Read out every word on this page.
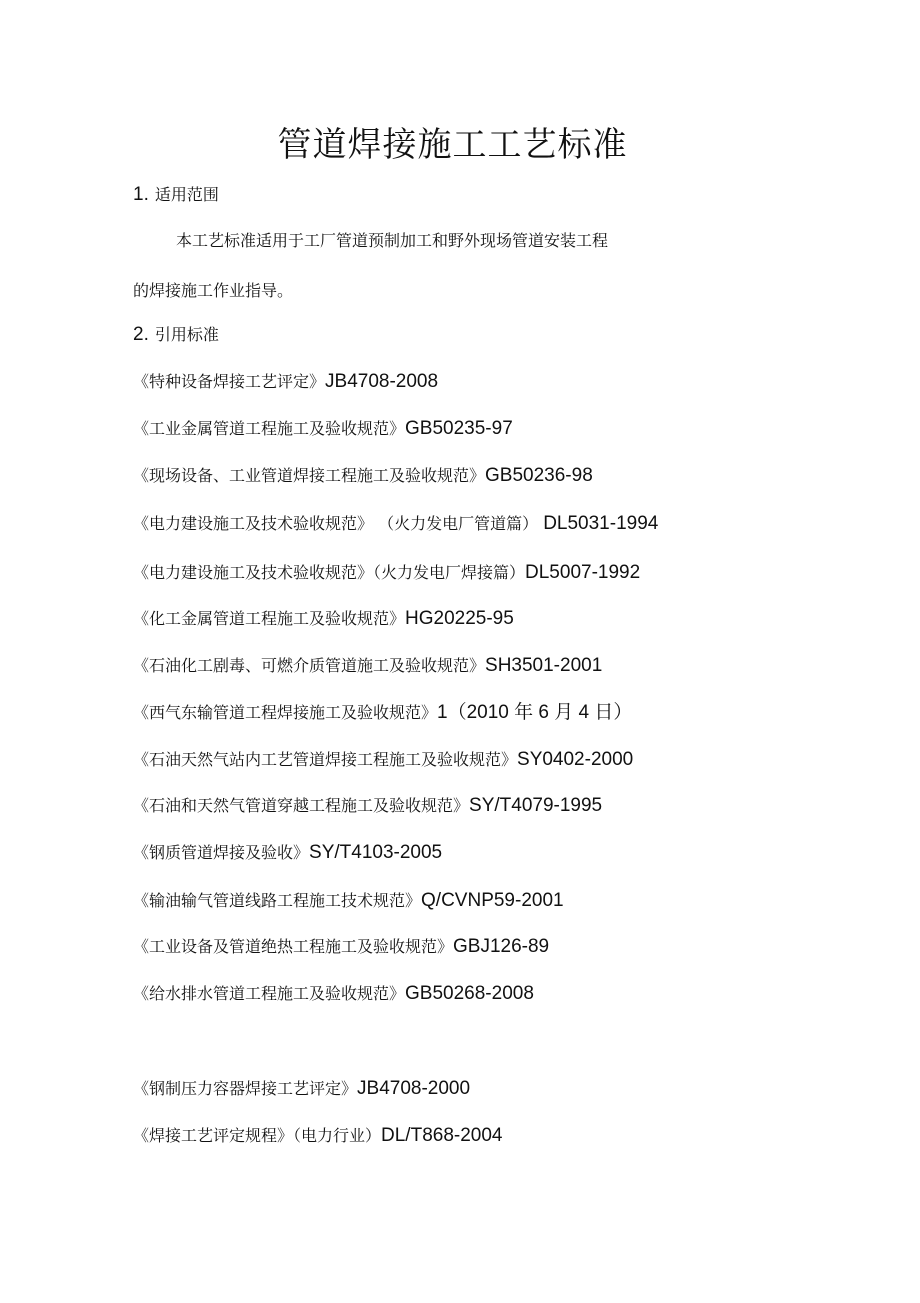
管道焊接施工工艺标准
1. 适用范围
本工艺标准适用于工厂管道预制加工和野外现场管道安装工程
的焊接施工作业指导。
2. 引用标准
《特种设备焊接工艺评定》JB4708-2008
《工业金属管道工程施工及验收规范》GB50235-97
《现场设备、工业管道焊接工程施工及验收规范》GB50236-98
《电力建设施工及技术验收规范》 （火力发电厂管道篇） DL5031-1994
《电力建设施工及技术验收规范》（火力发电厂焊接篇）DL5007-1992
《化工金属管道工程施工及验收规范》HG20225-95
《石油化工剧毒、可燃介质管道施工及验收规范》SH3501-2001
《西气东输管道工程焊接施工及验收规范》1（2010 年 6 月 4 日）
《石油天然气站内工艺管道焊接工程施工及验收规范》SY0402-2000
《石油和天然气管道穿越工程施工及验收规范》SY/T4079-1995
《钢质管道焊接及验收》SY/T4103-2005
《输油输气管道线路工程施工技术规范》Q/CVNP59-2001
《工业设备及管道绝热工程施工及验收规范》GBJ126-89
《给水排水管道工程施工及验收规范》GB50268-2008
《钢制压力容器焊接工艺评定》JB4708-2000
《焊接工艺评定规程》（电力行业）DL/T868-2004
